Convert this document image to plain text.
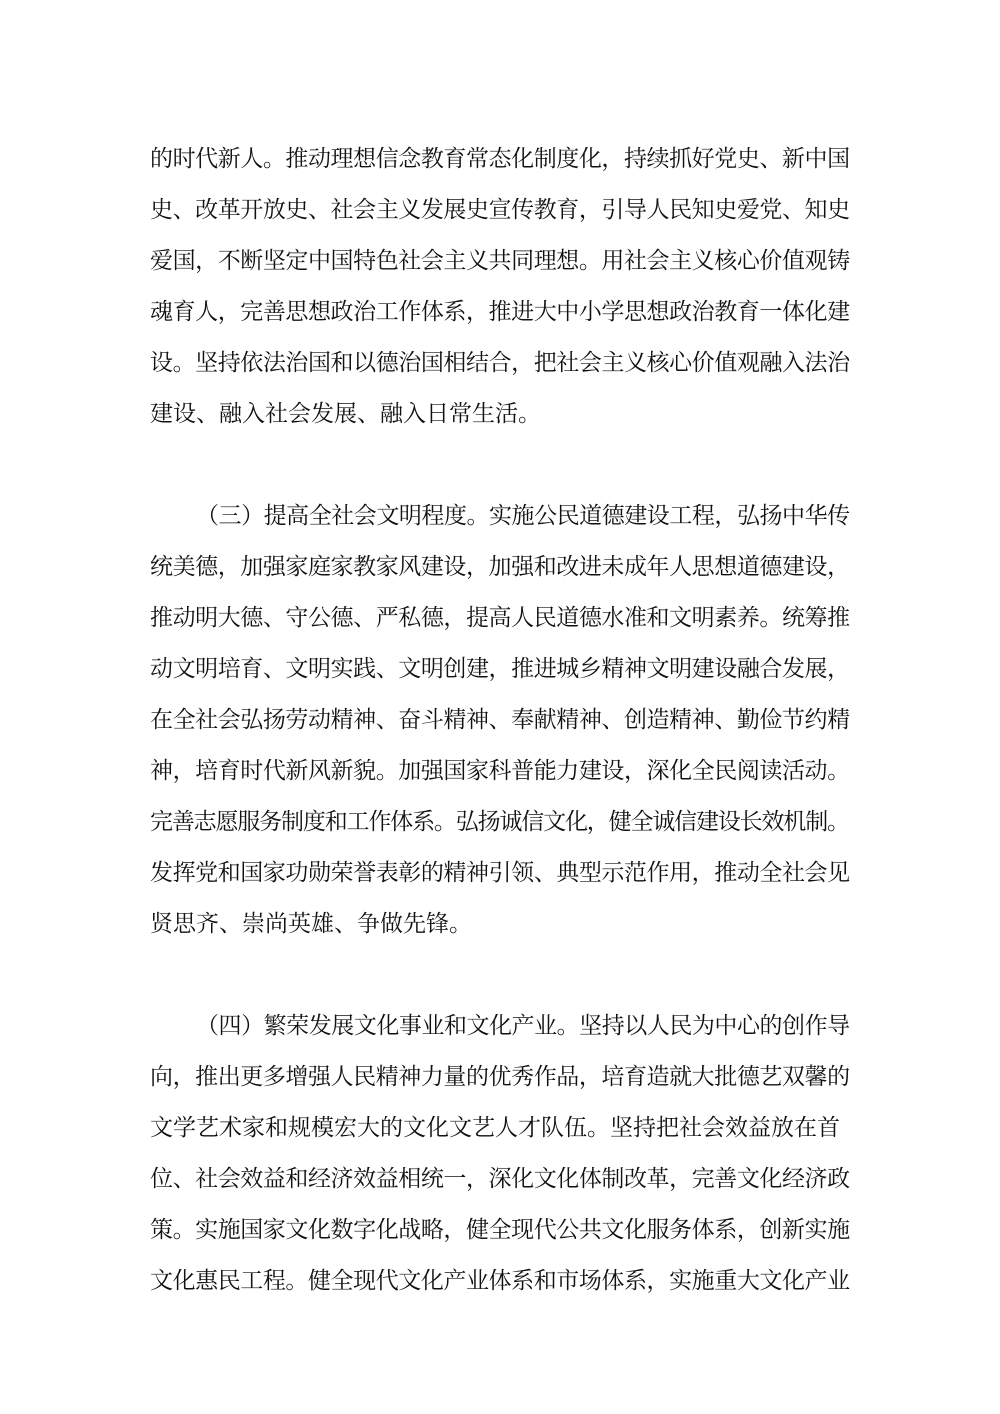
的时代新人。推动理想信念教育常态化制度化，持续抓好党史、新中国
史、改革开放史、社会主义发展史宣传教育，引导人民知史爱党、知史
爱国，不断坚定中国特色社会主义共同理想。用社会主义核心价值观铸
魂育人，完善思想政治工作体系，推进大中小学思想政治教育一体化建
设。坚持依法治国和以德治国相结合，把社会主义核心价值观融入法治
建设、融入社会发展、融入日常生活。
（三）提高全社会文明程度。实施公民道德建设工程，弘扬中华传
统美德，加强家庭家教家风建设，加强和改进未成年人思想道德建设，
推动明大德、守公德、严私德，提高人民道德水准和文明素养。统筹推
动文明培育、文明实践、文明创建，推进城乡精神文明建设融合发展，
在全社会弘扬劳动精神、奋斗精神、奉献精神、创造精神、勤俭节约精
神，培育时代新风新貌。加强国家科普能力建设，深化全民阅读活动。
完善志愿服务制度和工作体系。弘扬诚信文化，健全诚信建设长效机制。
发挥党和国家功勋荣誉表彰的精神引领、典型示范作用，推动全社会见
贤思齐、崇尚英雄、争做先锋。
（四）繁荣发展文化事业和文化产业。坚持以人民为中心的创作导
向，推出更多增强人民精神力量的优秀作品，培育造就大批德艺双馨的
文学艺术家和规模宏大的文化文艺人才队伍。坚持把社会效益放在首
位、社会效益和经济效益相统一，深化文化体制改革，完善文化经济政
策。实施国家文化数字化战略，健全现代公共文化服务体系，创新实施
文化惠民工程。健全现代文化产业体系和市场体系，实施重大文化产业
